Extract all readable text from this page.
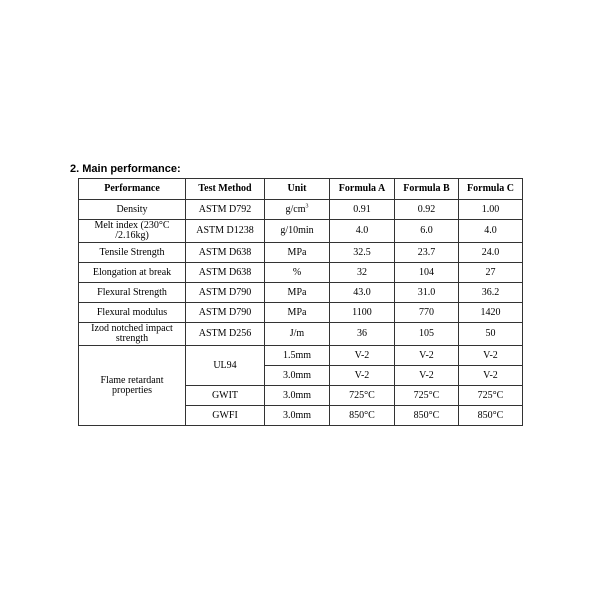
2. Main performance:
Performance	Test Method	Unit	Formula A	Formula B	Formula C
Density	ASTM D792	$g/cm^3$	0.91	0.92	1.00
Melt index (230°C /2.16kg)	ASTM D1238	g/10min	4.0	6.0	4.0
Tensile Strength	ASTM D638	MPa	32.5	23.7	24.0
Elongation at break	ASTM D638	%	32	104	27
Flexural Strength	ASTM D790	MPa	43.0	31.0	36.2
Flexural modulus	ASTM D790	MPa	1100	770	1420
Izod notched impact strength	ASTM D256	J/m	36	105	50
Flame retardant properties	UL94	1.5mm	V-2	V-2	V-2
		3.0mm	V-2	V-2	V-2
	GWIT	3.0mm	725°C	725°C	725°C
	GWFI	3.0mm	850°C	850°C	850°C
